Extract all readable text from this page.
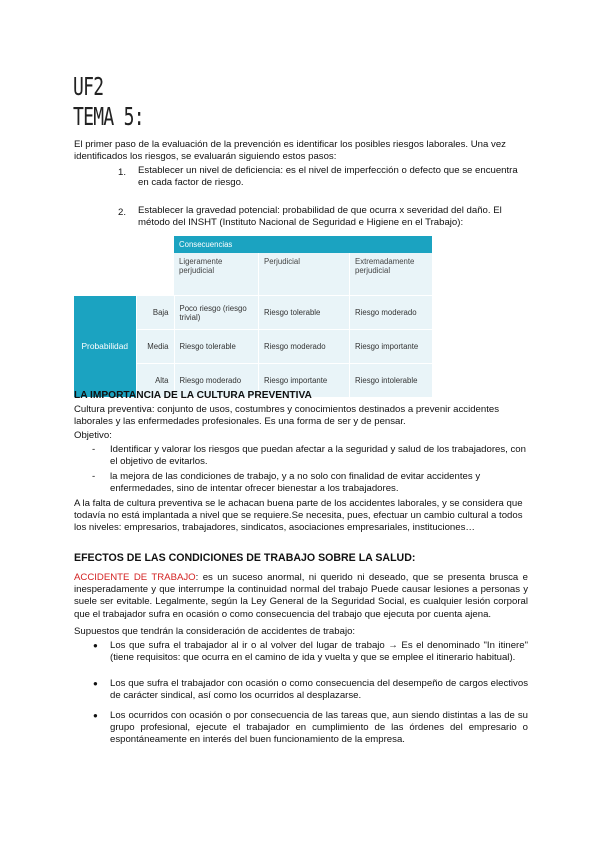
UF2
TEMA 5:
El primer paso de la evaluación de la prevención es identificar los posibles riesgos laborales. Una vez identificados los riesgos, se evaluarán siguiendo estos pasos:
1. Establecer un nivel de deficiencia: es el nivel de imperfección o defecto que se encuentra en cada factor de riesgo.
2. Establecer la gravedad potencial: probabilidad de que ocurra x severidad del daño. El método del INSHT (Instituto Nacional de Seguridad e Higiene en el Trabajo):
		Consecuencias		
		Ligeramente perjudicial	Perjudicial	Extremadamente perjudicial
Probabilidad	Baja	Poco riesgo (riesgo trivial)	Riesgo tolerable	Riesgo moderado
	Media	Riesgo tolerable	Riesgo moderado	Riesgo importante
	Alta	Riesgo moderado	Riesgo importante	Riesgo intolerable
LA IMPORTANCIA DE LA CULTURA PREVENTIVA
Cultura preventiva: conjunto de usos, costumbres y conocimientos destinados a prevenir accidentes laborales y las enfermedades profesionales. Es una forma de ser y de pensar.
Objetivo:
- Identificar y valorar los riesgos que puedan afectar a la seguridad y salud de los trabajadores, con el objetivo de evitarlos.
- la mejora de las condiciones de trabajo, y a no solo con finalidad de evitar accidentes y enfermedades, sino de intentar ofrecer bienestar a los trabajadores.
A la falta de cultura preventiva se le achacan buena parte de los accidentes laborales, y se considera que todavía no está implantada a nivel que se requiere.Se necesita, pues, efectuar un cambio cultural a todos los niveles: empresarios, trabajadores, sindicatos, asociaciones empresariales, instituciones…
EFECTOS DE LAS CONDICIONES DE TRABAJO SOBRE LA SALUD:
ACCIDENTE DE TRABAJO: es un suceso anormal, ni querido ni deseado, que se presenta brusca e inesperadamente y que interrumpe la continuidad normal del trabajo Puede causar lesiones a personas y suele ser evitable. Legalmente, según la Ley General de la Seguridad Social, es cualquier lesión corporal que el trabajador sufra en ocasión o como consecuencia del trabajo que ejecuta por cuenta ajena.
Supuestos que tendrán la consideración de accidentes de trabajo:
● Los que sufra el trabajador al ir o al volver del lugar de trabajo → Es el denominado "In itinere" (tiene requisitos: que ocurra en el camino de ida y vuelta y que se emplee el itinerario habitual).
● Los que sufra el trabajador con ocasión o como consecuencia del desempeño de cargos electivos de carácter sindical, así como los ocurridos al desplazarse.
● Los ocurridos con ocasión o por consecuencia de las tareas que, aun siendo distintas a las de su grupo profesional, ejecute el trabajador en cumplimiento de las órdenes del empresario o espontáneamente en interés del buen funcionamiento de la empresa.
